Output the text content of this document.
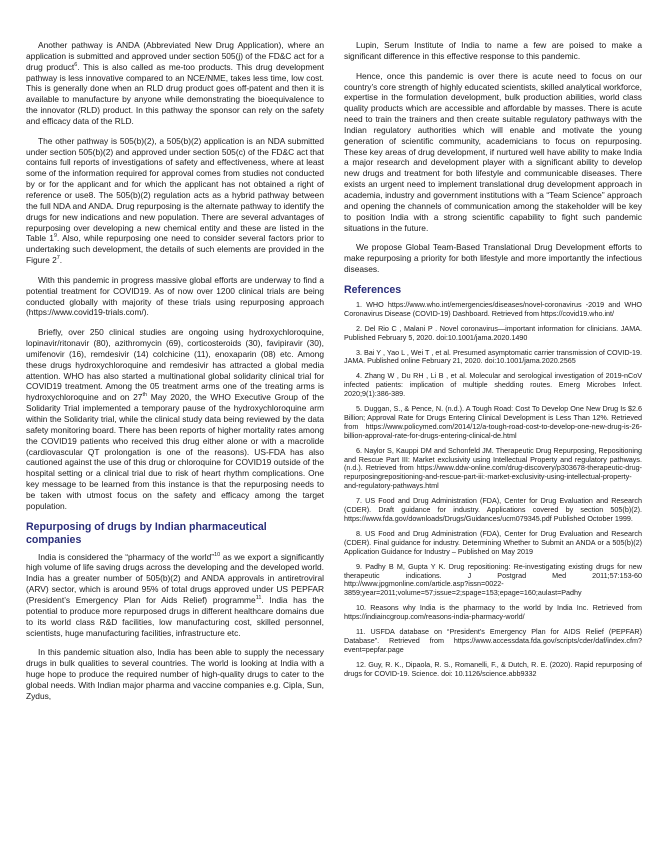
Another pathway is ANDA (Abbreviated New Drug Application), where an application is submitted and approved under section 505(j) of the FD&C act for a drug product$^6$. This is also called as me-too products. This drug development pathway is less innovative compared to an NCE/NME, takes less time, low cost. This is generally done when an RLD drug product goes off-patent and then it is available to manufacture by anyone while demonstrating the bioequivalence to the innovator (RLD) product. In this pathway the sponsor can rely on the safety and efficacy data of the RLD.

The other pathway is 505(b)(2), a 505(b)(2) application is an NDA submitted under section 505(b)(2) and approved under section 505(c) of the FD&C act that contains full reports of investigations of safety and effectiveness, where at least some of the information required for approval comes from studies not conducted by or for the applicant and for which the applicant has not obtained a right of reference or use8. The 505(b)(2) regulation acts as a hybrid pathway between the full NDA and ANDA. Drug repurposing is the alternate pathway to identify the drugs for new indications and new population. There are several advantages of repurposing over developing a new chemical entity and these are listed in the Table $1^9$. Also, while repurposing one need to consider several factors prior to undertaking such development, the details of such elements are provided in the Figure $2^7$.

With this pandemic in progress massive global efforts are underway to find a potential treatment for COVID19. As of now over 1200 clinical trials are being conducted globally with majority of these trials using repurposing approach (https://www.covid19-trials.com/).

Briefly, over 250 clinical studies are ongoing using hydroxychloroquine, lopinavir/ritonavir (80), azithromycin (69), corticosteroids (30), favipiravir (30), umifenovir (16), remdesivir (14) colchicine (11), enoxaparin (08) etc. Among these drugs hydroxychloroquine and remdesivir has attracted a global media attention. WHO has also started a multinational global solidarity clinical trial for COVID19 treatment. Among the 05 treatment arms one of the treating arms is hydroxychloroquine and on 27th May 2020, the WHO Executive Group of the Solidarity Trial implemented a temporary pause of the hydroxychloroquine arm within the Solidarity trial, while the clinical study data being reviewed by the data safety monitoring board. There has been reports of higher mortality rates among the COVID19 patients who received this drug either alone or with a macrolide (cardiovascular QT prolongation is one of the reasons). US-FDA has also cautioned against the use of this drug or chloroquine for COVID19 outside of the hospital setting or a clinical trial due to risk of heart rhythm complications. One key message to be learned from this instance is that the repurposing needs to be taken with utmost focus on the safety and efficacy among the target population.

Repurposing of drugs by Indian pharmaceutical companies

India is considered the “pharmacy of the world”$^{10}$ as we export a significantly high volume of life saving drugs across the developing and the developed world. India has a greater number of 505(b)(2) and ANDA approvals in antiretroviral (ARV) sector, which is around 95% of total drugs approved under US PEPFAR (President’s Emergency Plan for Aids Relief) programme$^{11}$. India has the potential to produce more repurposed drugs in different healthcare domains due to its world class R&D facilities, low manufacturing cost, skilled personnel, scientists, huge manufacturing facilities, infrastructure etc.

In this pandemic situation also, India has been able to supply the necessary drugs in bulk qualities to several countries. The world is looking at India with a huge hope to produce the required number of high-quality drugs to cater to the global needs. With Indian major pharma and vaccine companies e.g. Cipla, Sun, Zydus,

Lupin, Serum Institute of India to name a few are poised to make a significant difference in this effective response to this pandemic.

Hence, once this pandemic is over there is acute need to focus on our country’s core strength of highly educated scientists, skilled analytical workforce, expertise in the formulation development, bulk production abilities, world class quality products which are accessible and affordable by masses. There is acute need to train the trainers and then create suitable regulatory pathways with the Indian regulatory authorities which will enable and motivate the young generation of scientific community, academicians to focus on repurposing. These key areas of drug development, if nurtured well have ability to make India a major research and development player with a significant ability to develop new drugs and treatment for both lifestyle and communicable diseases. There exists an urgent need to implement translational drug development approach in academia, industry and government institutions with a “Team Science” approach and opening the channels of communication among the stakeholder will be key to position India with a strong scientific capability to fight such pandemic situations in the future.

We propose Global Team-Based Translational Drug Development efforts to make repurposing a priority for both lifestyle and more importantly the infectious diseases.

References
1. WHO https://www.who.int/emergencies/diseases/novel-coronavirus -2019 and WHO Coronavirus Disease (COVID-19) Dashboard. Retrieved from https://covid19.who.int/
2. Del Rio C , Malani P . Novel coronavirus—important information for clinicians. JAMA. Published February 5, 2020. doi:10.1001/jama.2020.1490
3. Bai Y , Yao L , Wei T , et al. Presumed asymptomatic carrier transmission of COVID-19. JAMA. Published online February 21, 2020. doi:10.1001/jama.2020.2565
4. Zhang W , Du RH , Li B , et al. Molecular and serological investigation of 2019-nCoV infected patients: implication of multiple shedding routes. Emerg Microbes Infect. 2020;9(1):386-389.
5. Duggan, S., & Pence, N. (n.d.). A Tough Road: Cost To Develop One New Drug Is $2.6 Billion; Approval Rate for Drugs Entering Clinical Development is Less Than 12%. Retrieved from https://www.policymed.com/2014/12/a-tough-road-cost-to-develop-one-new-drug-is-26-billion-approval-rate-for-drugs-entering-clinical-de.html
6. Naylor S, Kauppi DM and Schonfeld JM. Therapeutic Drug Repurposing, Repositioning and Rescue Part III: Market exclusivity using Intellectual Property and regulatory pathways. (n.d.). Retrieved from https://www.ddw-online.com/drug-discovery/p303678-therapeutic-drug-repurposingrepositioning-and-rescue-part-iii:-market-exclusivity-using-intellectual-property-and-regulatory-pathways.html
7. US Food and Drug Administration (FDA), Center for Drug Evaluation and Research (CDER). Draft guidance for industry. Applications covered by section 505(b)(2). https://www.fda.gov/downloads/Drugs/Guidances/ucm079345.pdf Published October 1999.
8. US Food and Drug Administration (FDA), Center for Drug Evaluation and Research (CDER). Final guidance for industry. Determining Whether to Submit an ANDA or a 505(b)(2) Application Guidance for Industry – Published on May 2019
9. Padhy B M, Gupta Y K. Drug repositioning: Re-investigating existing drugs for new therapeutic indications. J Postgrad Med 2011;57:153-60 http://www.jpgmonline.com/article.asp?issn=0022-3859;year=2011;volume=57;issue=2;spage=153;epage=160;aulast=Padhy
10. Reasons why India is the pharmacy to the world by India Inc. Retrieved from https://indiaincgroup.com/reasons-india-pharmacy-world/
11. USFDA database on “President’s Emergency Plan for AIDS Relief (PEPFAR) Database”. Retrieved from https://www.accessdata.fda.gov/scripts/cder/daf/index.cfm?event=pepfar.page
12. Guy, R. K., Dipaola, R. S., Romanelli, F., & Dutch, R. E. (2020). Rapid repurposing of drugs for COVID-19. Science. doi: 10.1126/science.abb9332
